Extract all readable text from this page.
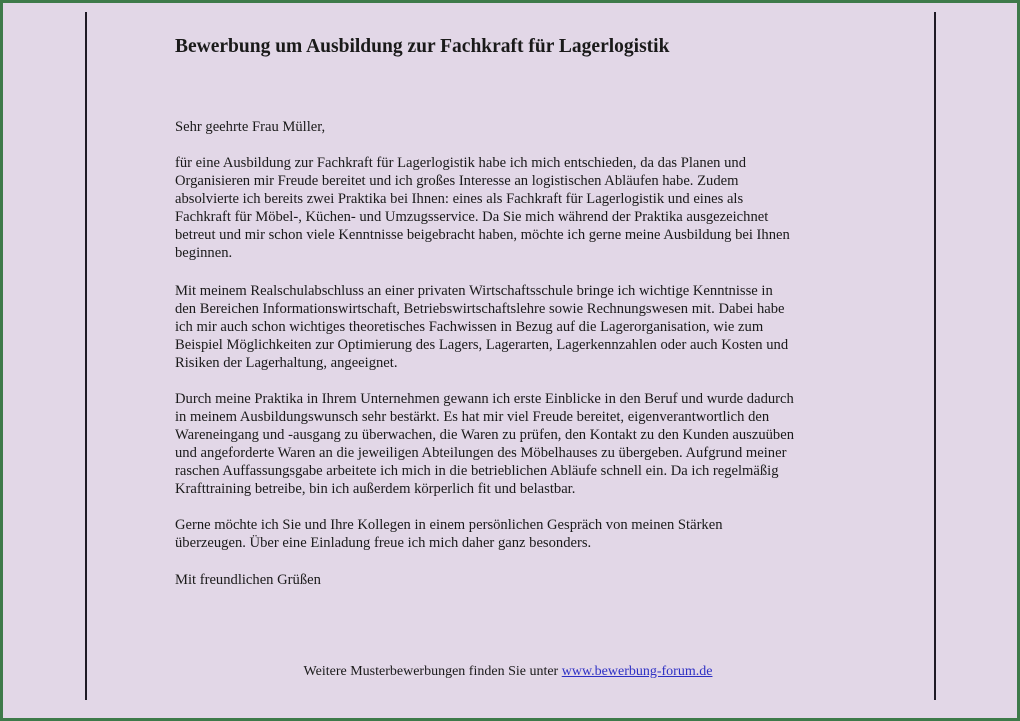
Bewerbung um Ausbildung zur Fachkraft für Lagerlogistik

Sehr geehrte Frau Müller,

für eine Ausbildung zur Fachkraft für Lagerlogistik habe ich mich entschieden, da das Planen und
Organisieren mir Freude bereitet und ich großes Interesse an logistischen Abläufen habe. Zudem
absolvierte ich bereits zwei Praktika bei Ihnen: eines als Fachkraft für Lagerlogistik und eines als
Fachkraft für Möbel-, Küchen- und Umzugsservice. Da Sie mich während der Praktika ausgezeichnet
betreut und mir schon viele Kenntnisse beigebracht haben, möchte ich gerne meine Ausbildung bei Ihnen
beginnen.

Mit meinem Realschulabschluss an einer privaten Wirtschaftsschule bringe ich wichtige Kenntnisse in
den Bereichen Informationswirtschaft, Betriebswirtschaftslehre sowie Rechnungswesen mit. Dabei habe
ich mir auch schon wichtiges theoretisches Fachwissen in Bezug auf die Lagerorganisation, wie zum
Beispiel Möglichkeiten zur Optimierung des Lagers, Lagerarten, Lagerkennzahlen oder auch Kosten und
Risiken der Lagerhaltung, angeeignet.

Durch meine Praktika in Ihrem Unternehmen gewann ich erste Einblicke in den Beruf und wurde dadurch
in meinem Ausbildungswunsch sehr bestärkt. Es hat mir viel Freude bereitet, eigenverantwortlich den
Wareneingang und -ausgang zu überwachen, die Waren zu prüfen, den Kontakt zu den Kunden auszuüben
und angeforderte Waren an die jeweiligen Abteilungen des Möbelhauses zu übergeben. Aufgrund meiner
raschen Auffassungsgabe arbeitete ich mich in die betrieblichen Abläufe schnell ein. Da ich regelmäßig
Krafttraining betreibe, bin ich außerdem körperlich fit und belastbar.

Gerne möchte ich Sie und Ihre Kollegen in einem persönlichen Gespräch von meinen Stärken
überzeugen. Über eine Einladung freue ich mich daher ganz besonders.

Mit freundlichen Grüßen

Weitere Musterbewerbungen finden Sie unter www.bewerbung-forum.de
